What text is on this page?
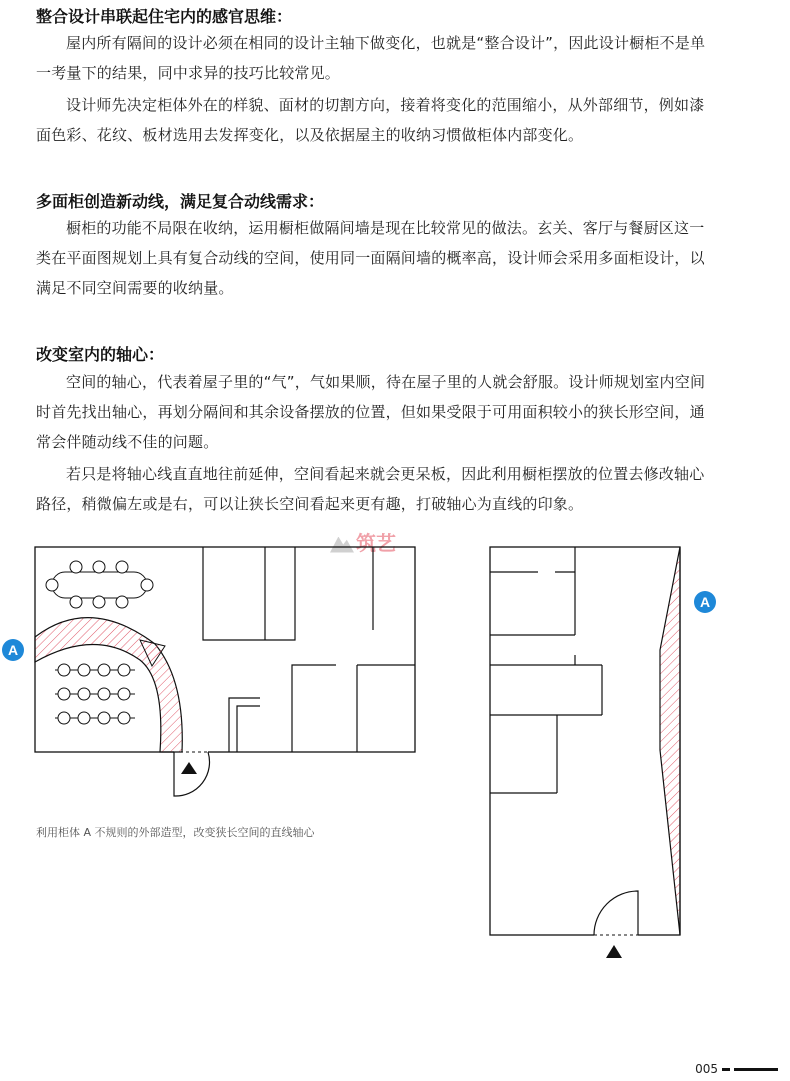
整合设计串联起住宅内的感官思维：

屋内所有隔间的设计必须在相同的设计主轴下做变化，也就是“整合设计”，因此设计橱柜不是单一考量下的结果，同中求异的技巧比较常见。

设计师先决定柜体外在的样貌、面材的切割方向，接着将变化的范围缩小，从外部细节，例如漆面色彩、花纹、板材选用去发挥变化，以及依据屋主的收纳习惯做柜体内部变化。

多面柜创造新动线，满足复合动线需求：

橱柜的功能不局限在收纳，运用橱柜做隔间墙是现在比较常见的做法。玄关、客厅与餐厨区这一类在平面图规划上具有复合动线的空间，使用同一面隔间墙的概率高，设计师会采用多面柜设计，以满足不同空间需要的收纳量。

改变室内的轴心：

空间的轴心，代表着屋子里的“气”，气如果顺，待在屋子里的人就会舒服。设计师规划室内空间时首先找出轴心，再划分隔间和其余设备摆放的位置，但如果受限于可用面积较小的狭长形空间，通常会伴随动线不佳的问题。

若只是将轴心线直直地往前延伸，空间看起来就会更呆板，因此利用橱柜摆放的位置去修改轴心路径，稍微偏左或是右，可以让狭长空间看起来更有趣，打破轴心为直线的印象。

筑艺
A

利用柜体 A 不规则的外部造型，改变狭长空间的直线轴心

A
005
